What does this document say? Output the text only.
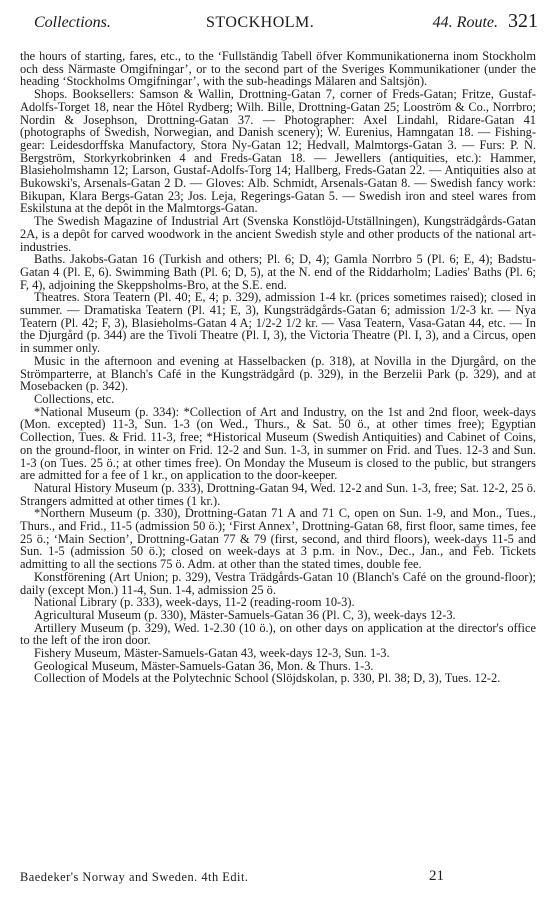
Collections.	STOCKHOLM.	44. Route. 321

the hours of starting, fares, etc., to the ‘Fullständig Tabell öfver Kommunikationerna inom Stockholm och dess Närmaste Omgifningar’, or to the second part of the Sveriges Kommunikationer (under the heading ‘Stockholms Omgifningar’, with the sub-headings Mälaren and Saltsjön).

Shops. Booksellers: Samson & Wallin, Drottning-Gatan 7, corner of Freds-Gatan; Fritze, Gustaf-Adolfs-Torget 18, near the Hôtel Rydberg; Wilh. Bille, Drottning-Gatan 25; Looström & Co., Norrbro; Nordin & Josephson, Drottning-Gatan 37. — Photographer: Axel Lindahl, Ridare-Gatan 41 (photographs of Swedish, Norwegian, and Danish scenery); W. Eurenius, Hamngatan 18. — Fishing-gear: Leidesdorffska Manufactory, Stora Ny-Gatan 12; Hedvall, Malmtorgs-Gatan 3. — Furs: P. N. Bergström, Storkyrkobrinken 4 and Freds-Gatan 18. — Jewellers (antiquities, etc.): Hammer, Blasieholmshamn 12; Larson, Gustaf-Adolfs-Torg 14; Hallberg, Freds-Gatan 22. — Antiquities also at Bukowski's, Arsenals-Gatan 2 D. — Gloves: Alb. Schmidt, Arsenals-Gatan 8. — Swedish fancy work: Bikupan, Klara Bergs-Gatan 23; Jos. Leja, Regerings-Gatan 5. — Swedish iron and steel wares from Eskilstuna at the depôt in the Malmtorgs-Gatan.

The Swedish Magazine of Industrial Art (Svenska Konstlöjd-Utställningen), Kungsträdgårds-Gatan 2A, is a depôt for carved woodwork in the ancient Swedish style and other products of the national art-industries.

Baths. Jakobs-Gatan 16 (Turkish and others; Pl. 6; D, 4); Gamla Norrbro 5 (Pl. 6; E, 4); Badstu-Gatan 4 (Pl. E, 6). Swimming Bath (Pl. 6; D, 5), at the N. end of the Riddarholm; Ladies' Baths (Pl. 6; F, 4), adjoining the Skeppsholms-Bro, at the S.E. end.

Theatres. Stora Teatern (Pl. 40; E, 4; p. 329), admission 1-4 kr. (prices sometimes raised); closed in summer. — Dramatiska Teatern (Pl. 41; E, 3), Kungsträdgårds-Gatan 6; admission 1/2-3 kr. — Nya Teatern (Pl. 42; F, 3), Blasieholms-Gatan 4 A; 1/2-2 1/2 kr. — Vasa Teatern, Vasa-Gatan 44, etc. — In the Djurgård (p. 344) are the Tivoli Theatre (Pl. I, 3), the Victoria Theatre (Pl. I, 3), and a Circus, open in summer only.

Music in the afternoon and evening at Hasselbacken (p. 318), at Novilla in the Djurgård, on the Strömparterre, at Blanch's Café in the Kungsträdgård (p. 329), in the Berzelii Park (p. 329), and at Mosebacken (p. 342).

Collections, etc.

*National Museum (p. 334): *Collection of Art and Industry, on the 1st and 2nd floor, week-days (Mon. excepted) 11-3, Sun. 1-3 (on Wed., Thurs., & Sat. 50 ö., at other times free); Egyptian Collection, Tues. & Frid. 11-3, free; *Historical Museum (Swedish Antiquities) and Cabinet of Coins, on the ground-floor, in winter on Frid. 12-2 and Sun. 1-3, in summer on Frid. and Tues. 12-3 and Sun. 1-3 (on Tues. 25 ö.; at other times free). On Monday the Museum is closed to the public, but strangers are admitted for a fee of 1 kr., on application to the door-keeper.

Natural History Museum (p. 333), Drottning-Gatan 94, Wed. 12-2 and Sun. 1-3, free; Sat. 12-2, 25 ö. Strangers admitted at other times (1 kr.).

*Northern Museum (p. 330), Drottning-Gatan 71 A and 71 C, open on Sun. 1-9, and Mon., Tues., Thurs., and Frid., 11-5 (admission 50 ö.); ‘First Annex’, Drottning-Gatan 68, first floor, same times, fee 25 ö.; ‘Main Section’, Drottning-Gatan 77 & 79 (first, second, and third floors), week-days 11-5 and Sun. 1-5 (admission 50 ö.); closed on week-days at 3 p.m. in Nov., Dec., Jan., and Feb. Tickets admitting to all the sections 75 ö. Adm. at other than the stated times, double fee.

Konstförening (Art Union; p. 329), Vestra Trädgårds-Gatan 10 (Blanch's Café on the ground-floor); daily (except Mon.) 11-4, Sun. 1-4, admission 25 ö.

National Library (p. 333), week-days, 11-2 (reading-room 10-3).

Agricultural Museum (p. 330), Mäster-Samuels-Gatan 36 (Pl. C, 3), week-days 12-3.

Artillery Museum (p. 329), Wed. 1-2.30 (10 ö.), on other days on application at the director's office to the left of the iron door.

Fishery Museum, Mäster-Samuels-Gatan 43, week-days 12-3, Sun. 1-3.

Geological Museum, Mäster-Samuels-Gatan 36, Mon. & Thurs. 1-3.

Collection of Models at the Polytechnic School (Slöjdskolan, p. 330, Pl. 38; D, 3), Tues. 12-2.

Baedeker's Norway and Sweden. 4th Edit.	21
